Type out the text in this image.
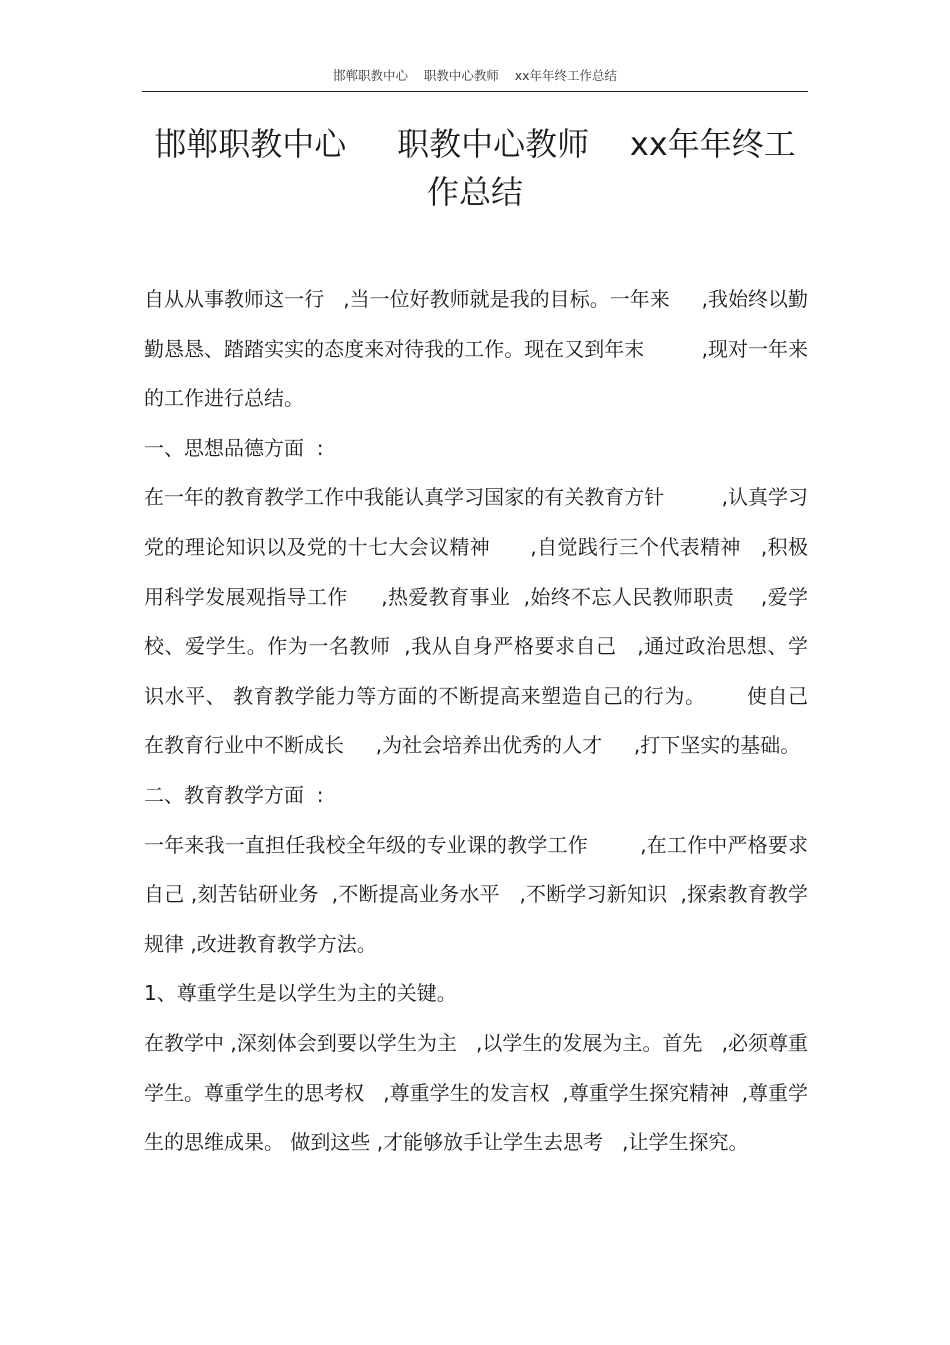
邯郸职教中心    职教中心教师    xx年年终工作总结
邯郸职教中心     职教中心教师    xx年年终工作总结

自从从事教师这一行   ,当一位好教师就是我的目标。一年来     ,我始终以勤勤恳恳、踏踏实实的态度来对待我的工作。现在又到年末         ,现对一年来的工作进行总结。

一、思想品德方面  :

在一年的教育教学工作中我能认真学习国家的有关教育方针         ,认真学习党的理论知识以及党的十七大会议精神      ,自觉践行三个代表精神   ,积极用科学发展观指导工作     ,热爱教育事业  ,始终不忘人民教师职责    ,爱学校、爱学生。作为一名教师  ,我从自身严格要求自己   ,通过政治思想、学识水平、 教育教学能力等方面的不断提高来塑造自己的行为。      使自己在教育行业中不断成长     ,为社会培养出优秀的人才     ,打下坚实的基础。

二、教育教学方面  :

一年来我一直担任我校全年级的专业课的教学工作        ,在工作中严格要求自己 ,刻苦钻研业务  ,不断提高业务水平   ,不断学习新知识  ,探索教育教学规律 ,改进教育教学方法。

1、尊重学生是以学生为主的关键。

在教学中 ,深刻体会到要以学生为主   ,以学生的发展为主。首先   ,必须尊重学生。尊重学生的思考权   ,尊重学生的发言权  ,尊重学生探究精神  ,尊重学生的思维成果。 做到这些 ,才能够放手让学生去思考   ,让学生探究。
